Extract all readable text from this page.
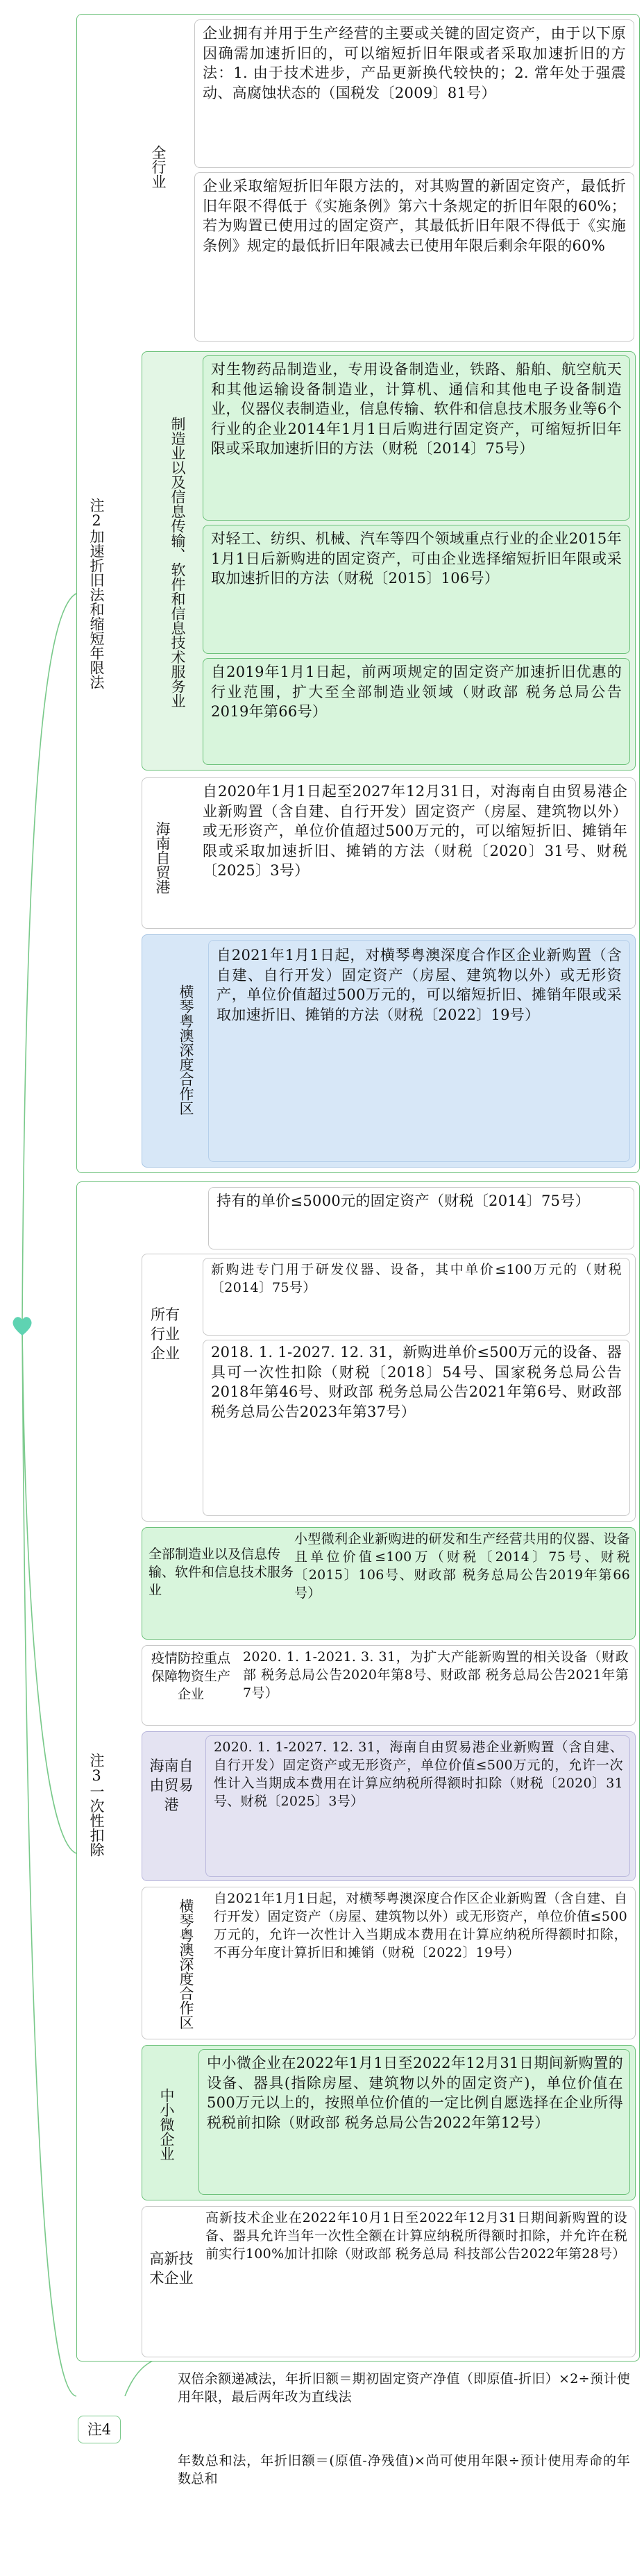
注2加速折旧法和缩短年限法
全行业
企业拥有并用于生产经营的主要或关键的固定资产，由于以下原因确需加速折旧的，可以缩短折旧年限或者采取加速折旧的方法：1. 由于技术进步，产品更新换代较快的；2. 常年处于强震动、高腐蚀状态的（国税发〔2009〕81号）
企业采取缩短折旧年限方法的，对其购置的新固定资产，最低折旧年限不得低于《实施条例》第六十条规定的折旧年限的60%；若为购置已使用过的固定资产，其最低折旧年限不得低于《实施条例》规定的最低折旧年限减去已使用年限后剩余年限的60%
制造业以及信息传输、软件和信息技术服务业
对生物药品制造业，专用设备制造业，铁路、船舶、航空航天和其他运输设备制造业，计算机、通信和其他电子设备制造业，仪器仪表制造业，信息传输、软件和信息技术服务业等6个行业的企业2014年1月1日后购进行固定资产，可缩短折旧年限或采取加速折旧的方法（财税〔2014〕75号）
对轻工、纺织、机械、汽车等四个领域重点行业的企业2015年1月1日后新购进的固定资产，可由企业选择缩短折旧年限或采取加速折旧的方法（财税〔2015〕106号）
自2019年1月1日起，前两项规定的固定资产加速折旧优惠的行业范围，扩大至全部制造业领域（财政部 税务总局公告2019年第66号）
海南自贸港
自2020年1月1日起至2027年12月31日，对海南自由贸易港企业新购置（含自建、自行开发）固定资产（房屋、建筑物以外）或无形资产，单位价值超过500万元的，可以缩短折旧、摊销年限或采取加速折旧、摊销的方法（财税〔2020〕31号、财税〔2025〕3号）
横琴粤澳深度合作区
自2021年1月1日起，对横琴粤澳深度合作区企业新购置（含自建、自行开发）固定资产（房屋、建筑物以外）或无形资产，单位价值超过500万元的，可以缩短折旧、摊销年限或采取加速折旧、摊销的方法（财税〔2022〕19号）
注3一次性扣除
持有的单价≤5000元的固定资产（财税〔2014〕75号）
所有行业企业
新购进专门用于研发仪器、设备，其中单价≤100万元的（财税〔2014〕75号）
2018. 1. 1-2027. 12. 31，新购进单价≤500万元的设备、器具可一次性扣除（财税〔2018〕54号、国家税务总局公告2018年第46号、财政部 税务总局公告2021年第6号、财政部 税务总局公告2023年第37号）
全部制造业以及信息传输、软件和信息技术服务业
小型微利企业新购进的研发和生产经营共用的仪器、设备且单位价值≤100万（财税〔2014〕75号、财税〔2015〕106号、财政部 税务总局公告2019年第66号）
疫情防控重点保障物资生产企业
2020. 1. 1-2021. 3. 31，为扩大产能新购置的相关设备（财政部 税务总局公告2020年第8号、财政部 税务总局公告2021年第7号）
海南自由贸易港
2020. 1. 1-2027. 12. 31，海南自由贸易港企业新购置（含自建、自行开发）固定资产或无形资产，单位价值≤500万元的，允许一次性计入当期成本费用在计算应纳税所得额时扣除（财税〔2020〕31号、财税〔2025〕3号）
横琴粤澳深度合作区 自2021年1月1日起，对横琴粤澳深度合作区企业新购置（含自建、自行开发）固定资产（房屋、建筑物以外）或无形资产，单位价值≤500万元的，允许一次性计入当期成本费用在计算应纳税所得额时扣除，不再分年度计算折旧和摊销（财税〔2022〕19号）
中小微企业
中小微企业在2022年1月1日至2022年12月31日期间新购置的设备、器具(指除房屋、建筑物以外的固定资产)，单位价值在500万元以上的，按照单位价值的一定比例自愿选择在企业所得税税前扣除（财政部 税务总局公告2022年第12号）
高新技术企业
高新技术企业在2022年10月1日至2022年12月31日期间新购置的设备、器具允许当年一次性全额在计算应纳税所得额时扣除，并允许在税前实行100%加计扣除（财政部 税务总局 科技部公告2022年第28号）
注4
双倍余额递减法，年折旧额＝期初固定资产净值（即原值-折旧）×2÷预计使用年限，最后两年改为直线法
年数总和法，年折旧额＝(原值-净残值)×尚可使用年限÷预计使用寿命的年数总和
